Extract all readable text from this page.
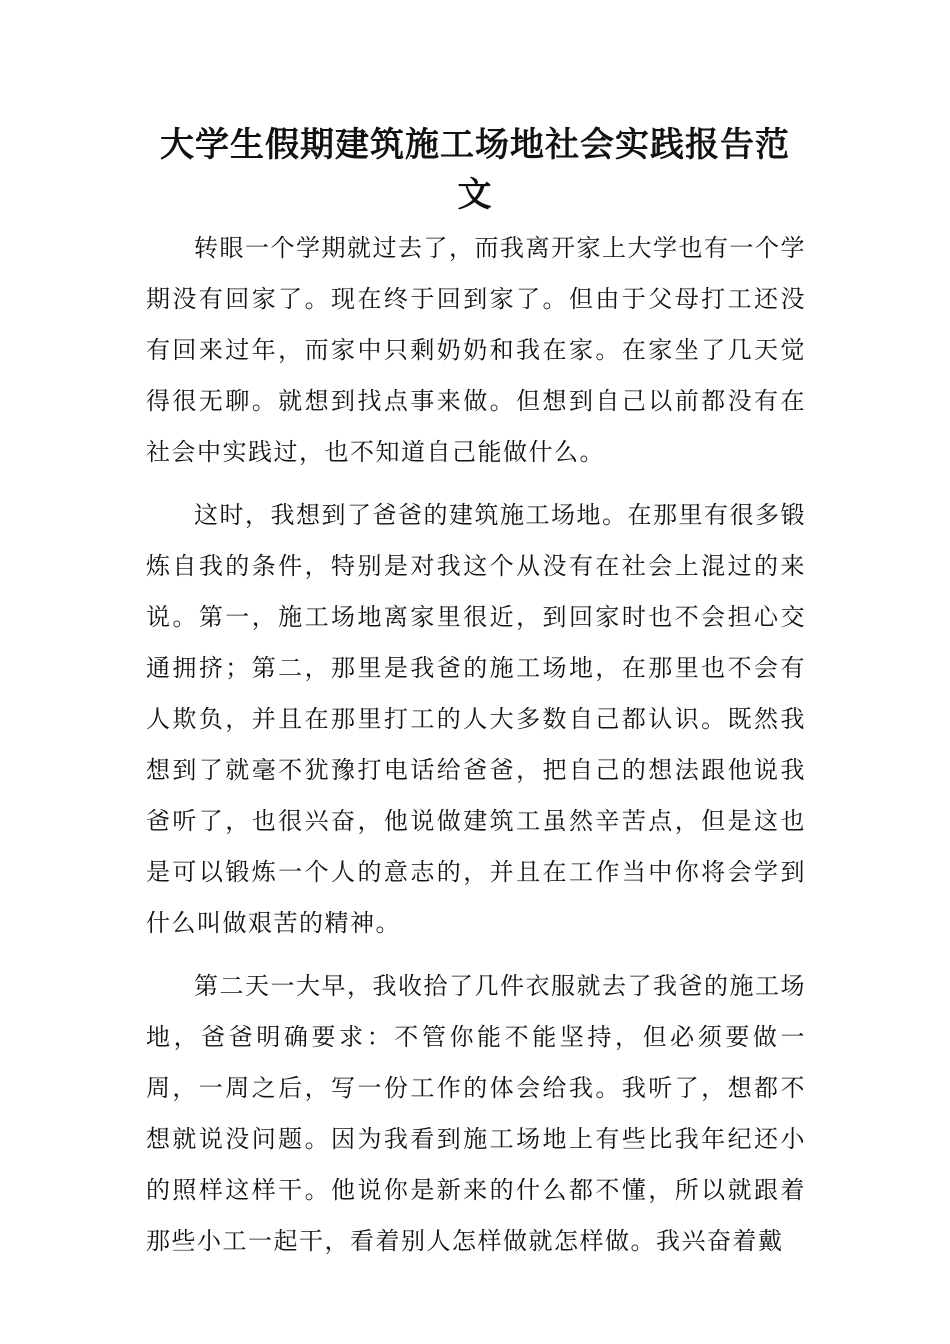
大学生假期建筑施工场地社会实践报告范文

转眼一个学期就过去了，而我离开家上大学也有一个学期没有回家了。现在终于回到家了。但由于父母打工还没有回来过年，而家中只剩奶奶和我在家。在家坐了几天觉得很无聊。就想到找点事来做。但想到自己以前都没有在社会中实践过，也不知道自己能做什么。

这时，我想到了爸爸的建筑施工场地。在那里有很多锻炼自我的条件，特别是对我这个从没有在社会上混过的来说。第一，施工场地离家里很近，到回家时也不会担心交通拥挤；第二，那里是我爸的施工场地，在那里也不会有人欺负，并且在那里打工的人大多数自己都认识。既然我想到了就毫不犹豫打电话给爸爸，把自己的想法跟他说我爸听了，也很兴奋，他说做建筑工虽然辛苦点，但是这也是可以锻炼一个人的意志的，并且在工作当中你将会学到什么叫做艰苦的精神。

第二天一大早，我收拾了几件衣服就去了我爸的施工场地，爸爸明确要求：不管你能不能坚持，但必须要做一周，一周之后，写一份工作的体会给我。我听了，想都不想就说没问题。因为我看到施工场地上有些比我年纪还小的照样这样干。他说你是新来的什么都不懂，所以就跟着那些小工一起干，看着别人怎样做就怎样做。我兴奋着戴
